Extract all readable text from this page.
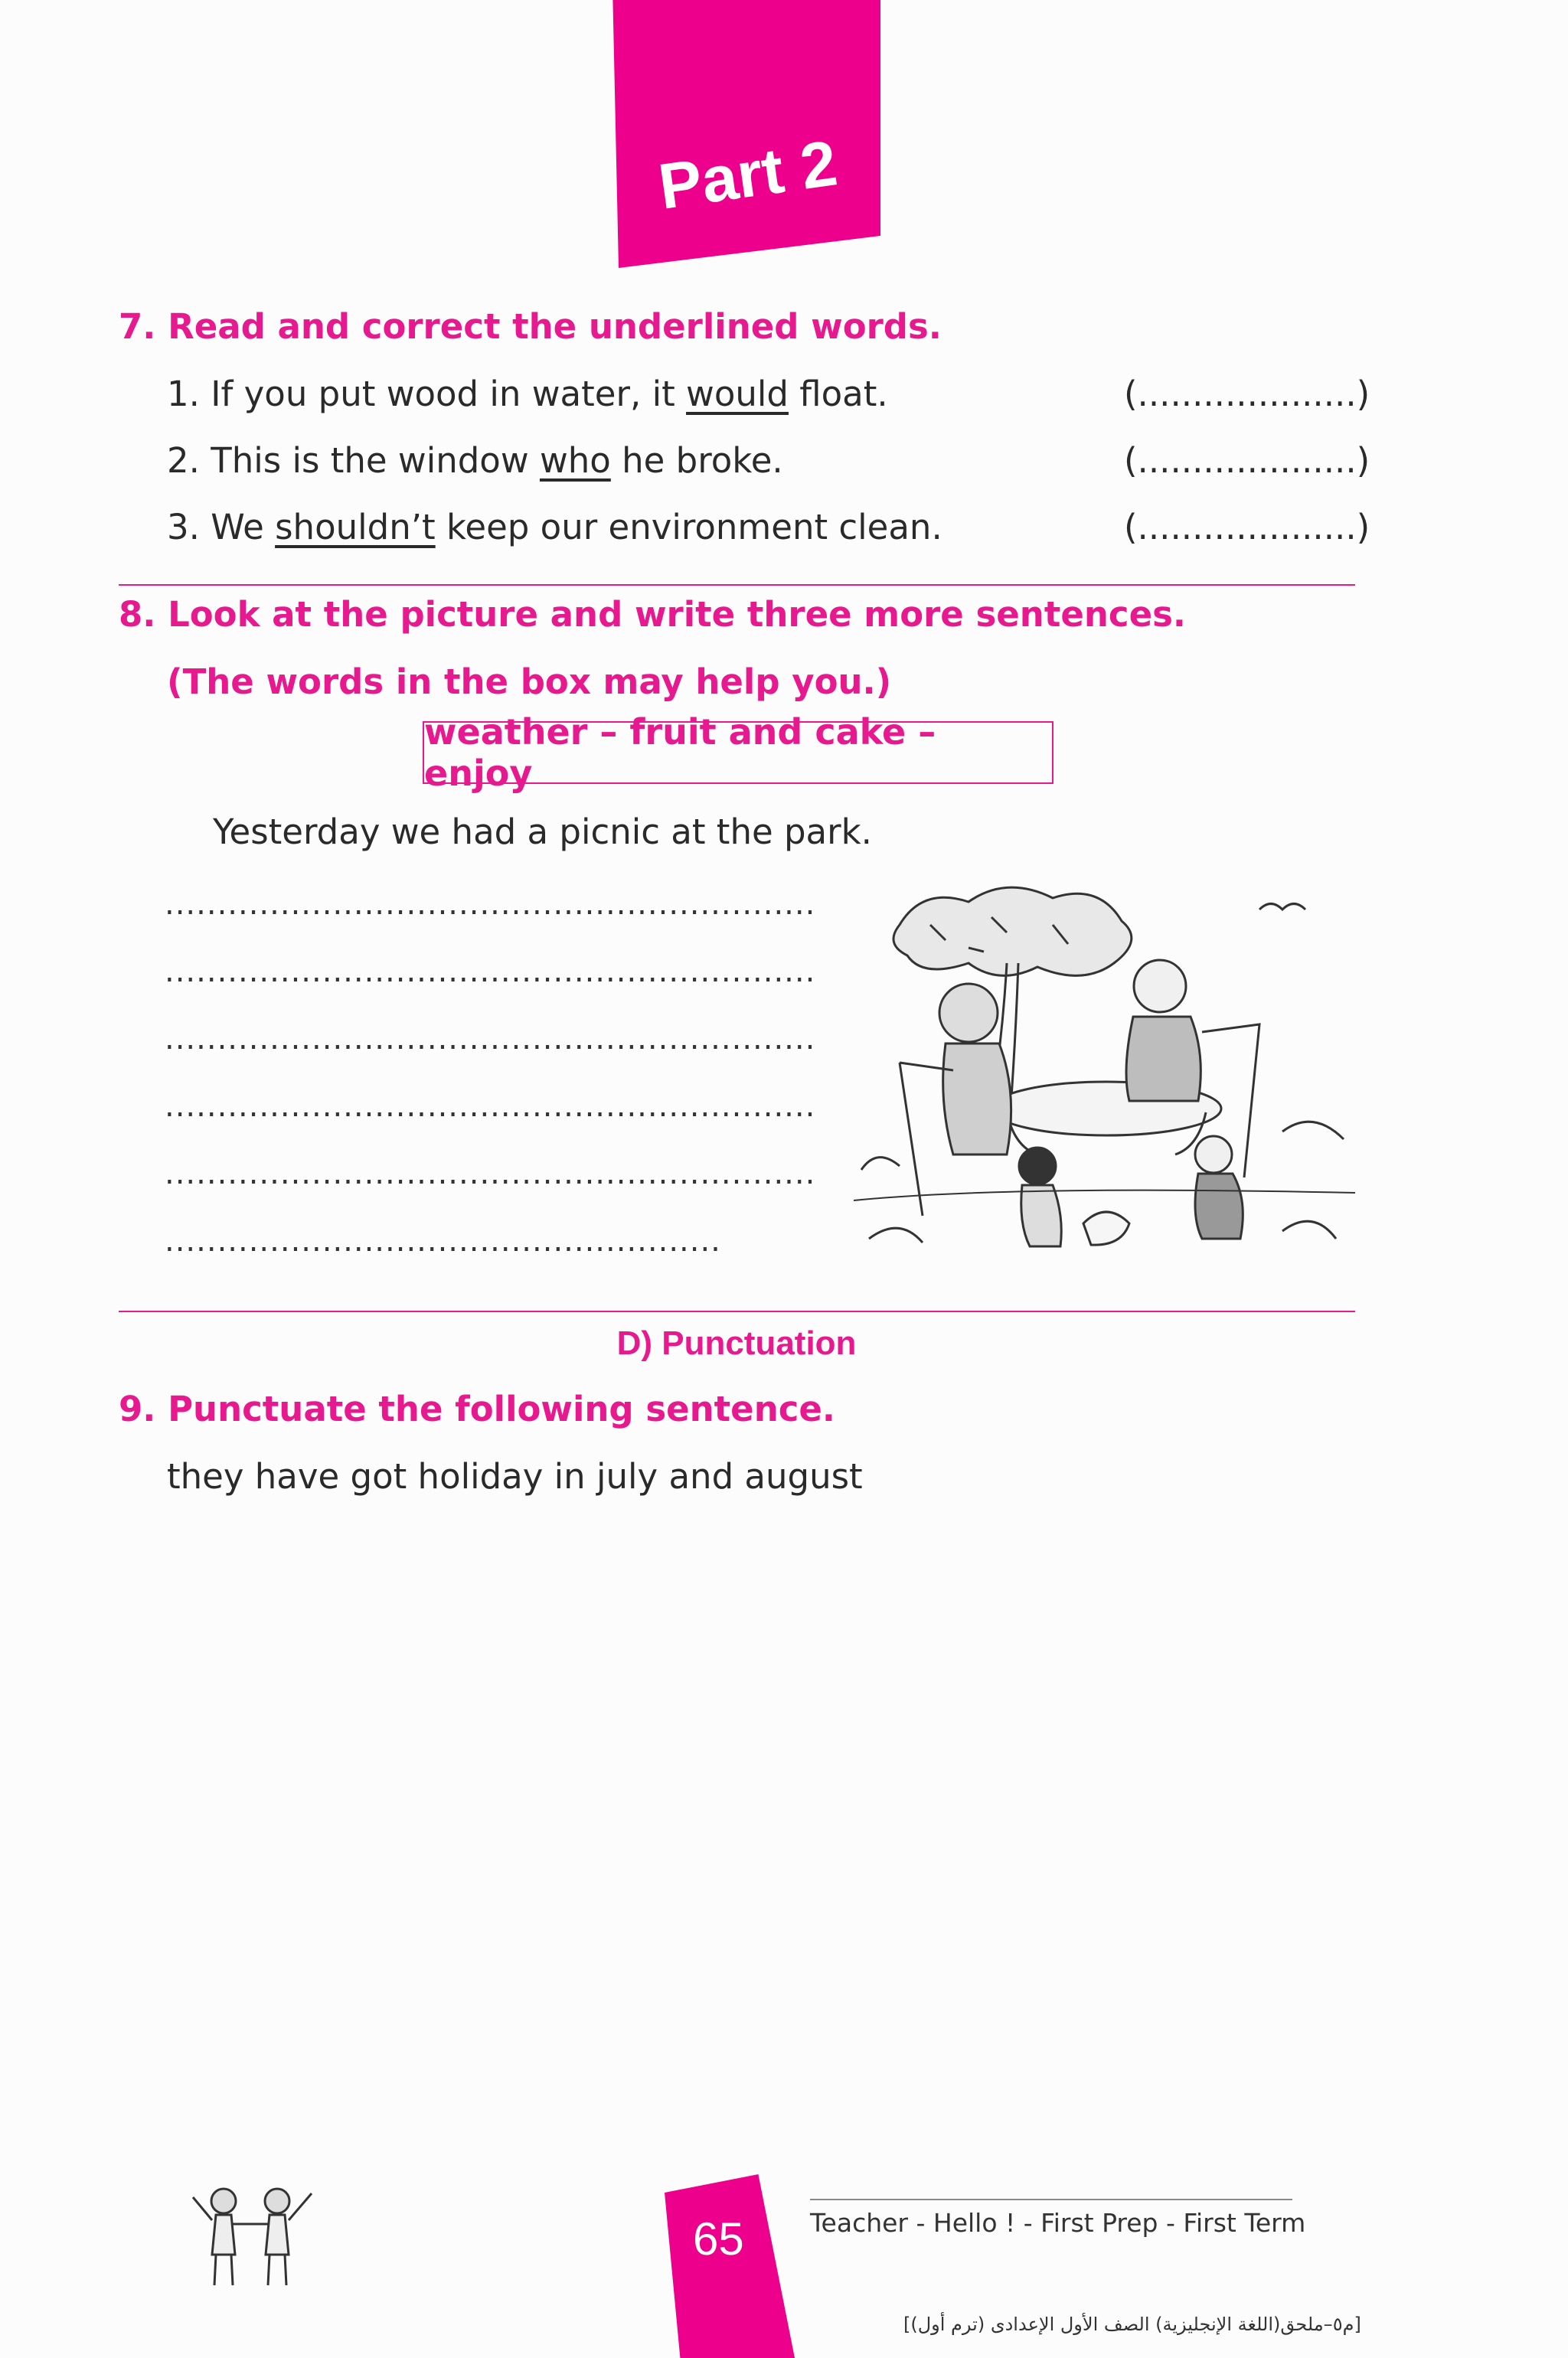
Part 2
7. Read and correct the underlined words.
1. If you put wood in water, it would float.	(....................)
2. This is the window who he broke.	(....................)
3. We shouldn’t keep our environment clean.	(....................)
8. Look at the picture and write three more sentences.
(The words in the box may help you.)
weather – fruit and cake – enjoy
Yesterday we had a picnic at the park.
..............................................................
..............................................................
..............................................................
..............................................................
..............................................................
.....................................................
D) Punctuation
9. Punctuate the following sentence.
they have got holiday in july and august
65	Teacher - Hello ! - First Prep - First Term
[م٥–ملحق(اللغة الإنجليزية) الصف الأول الإعدادى (ترم أول)]
